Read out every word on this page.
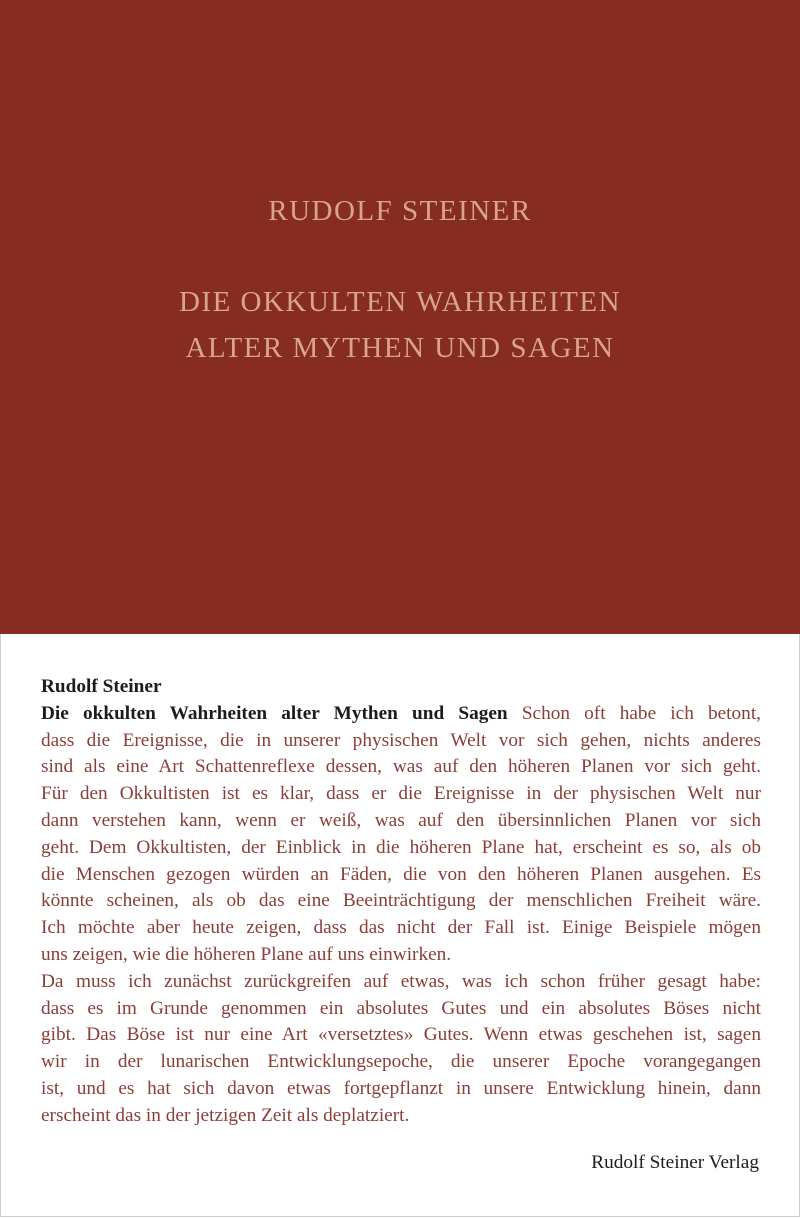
RUDOLF STEINER
DIE OKKULTEN WAHRHEITEN
ALTER MYTHEN UND SAGEN
Rudolf Steiner
Die okkulten Wahrheiten alter Mythen und Sagen Schon oft habe ich betont,
dass die Ereignisse, die in unserer physischen Welt vor sich gehen, nichts anderes
sind als eine Art Schattenreflexe dessen, was auf den höheren Planen vor sich geht.
Für den Okkultisten ist es klar, dass er die Ereignisse in der physischen Welt nur
dann verstehen kann, wenn er weiß, was auf den übersinnlichen Planen vor sich
geht. Dem Okkultisten, der Einblick in die höheren Plane hat, erscheint es so, als ob
die Menschen gezogen würden an Fäden, die von den höheren Planen ausgehen. Es
könnte scheinen, als ob das eine Beeinträchtigung der menschlichen Freiheit wäre.
Ich möchte aber heute zeigen, dass das nicht der Fall ist. Einige Beispiele mögen
uns zeigen, wie die höheren Plane auf uns einwirken.
Da muss ich zunächst zurückgreifen auf etwas, was ich schon früher gesagt habe:
dass es im Grunde genommen ein absolutes Gutes und ein absolutes Böses nicht
gibt. Das Böse ist nur eine Art «versetztes» Gutes. Wenn etwas geschehen ist, sagen
wir in der lunarischen Entwicklungsepoche, die unserer Epoche vorangegangen
ist, und es hat sich davon etwas fortgepflanzt in unsere Entwicklung hinein, dann
erscheint das in der jetzigen Zeit als deplatziert.
Rudolf Steiner Verlag
